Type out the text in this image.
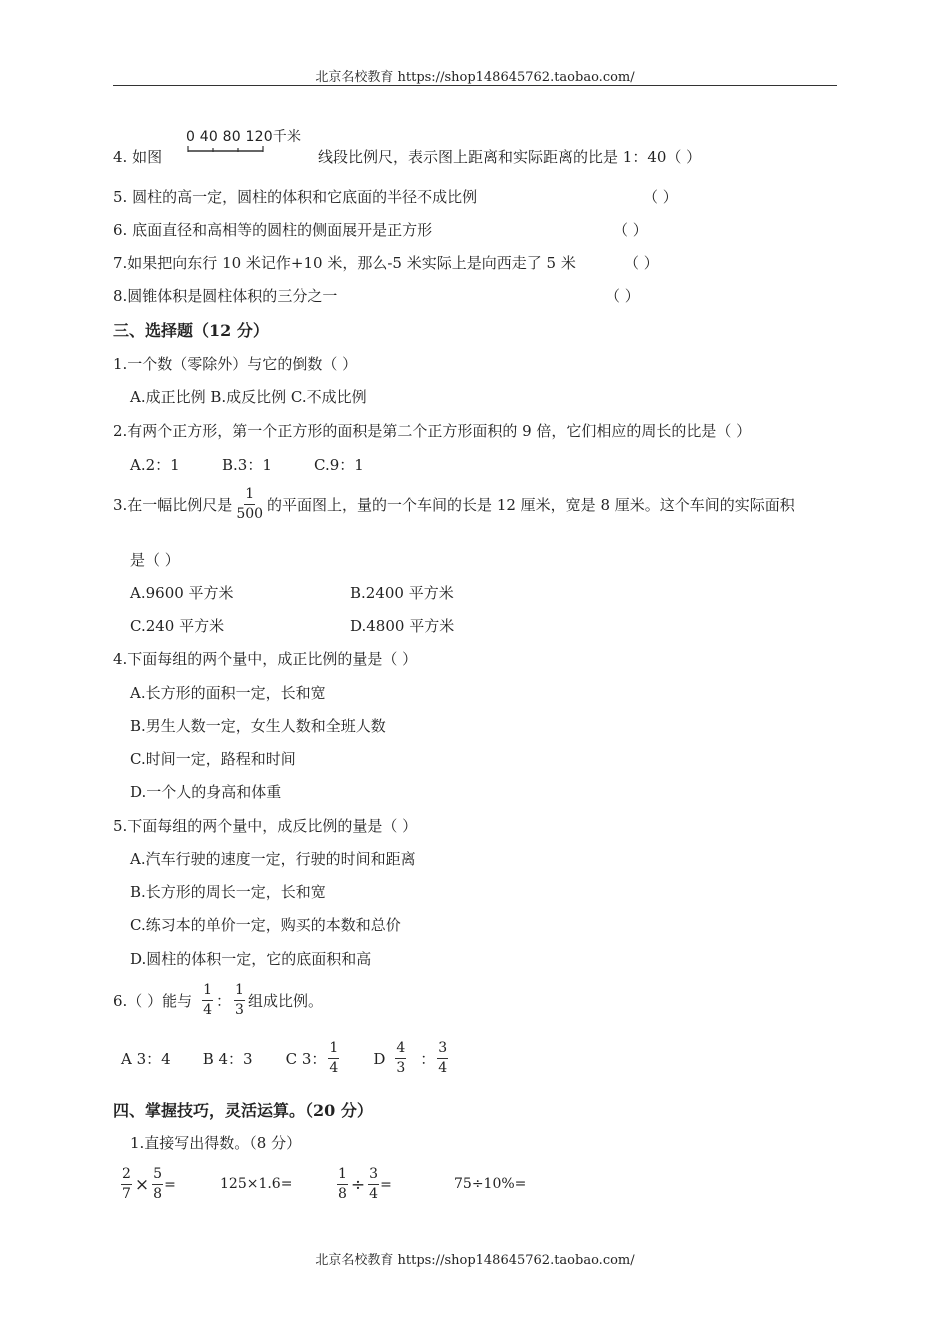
北京名校教育 https://shop148645762.taobao.com/
4. 如图
0 40 80 120千米
线段比例尺，表示图上距离和实际距离的比是 1：40（ ）
5. 圆柱的高一定，圆柱的体积和它底面的半径不成比例	（ ）
6. 底面直径和高相等的圆柱的侧面展开是正方形	（ ）
7.如果把向东行 10 米记作+10 米，那么-5 米实际上是向西走了 5 米	（ ）
8.圆锥体积是圆柱体积的三分之一	（ ）
三、选择题（12 分）
1.一个数（零除外）与它的倒数（ ）
A.成正比例 B.成反比例 C.不成比例
2.有两个正方形，第一个正方形的面积是第二个正方形面积的 9 倍，它们相应的周长的比是（ ）
A.2：1	B.3：1	C.9：1
3.在一幅比例尺是 $\frac{1}{500}$ 的平面图上，量的一个车间的长是 12 厘米，宽是 8 厘米。这个车间的实际面积
是（ ）
A.9600 平方米	B.2400 平方米
C.240 平方米	D.4800 平方米
4.下面每组的两个量中，成正比例的量是（ ）
A.长方形的面积一定，长和宽
B.男生人数一定，女生人数和全班人数
C.时间一定，路程和时间
D.一个人的身高和体重
5.下面每组的两个量中，成反比例的量是（ ）
A.汽车行驶的速度一定，行驶的时间和距离
B.长方形的周长一定，长和宽
C.练习本的单价一定，购买的本数和总价
D.圆柱的体积一定，它的底面积和高
6.（ ）能与 $\frac{1}{4}$ ： $\frac{1}{3}$ 组成比例。
A 3：4 B 4：3 C 3： $\frac{1}{4}$ D $\frac{4}{3}$ ： $\frac{3}{4}$
四、掌握技巧，灵活运算。（20 分）
1.直接写出得数。（8 分）
$\frac{2}{7} \times \frac{5}{8}$ =	125×1.6=	$\frac{1}{8} \div \frac{3}{4}$ =	75÷10%=
北京名校教育 https://shop148645762.taobao.com/
